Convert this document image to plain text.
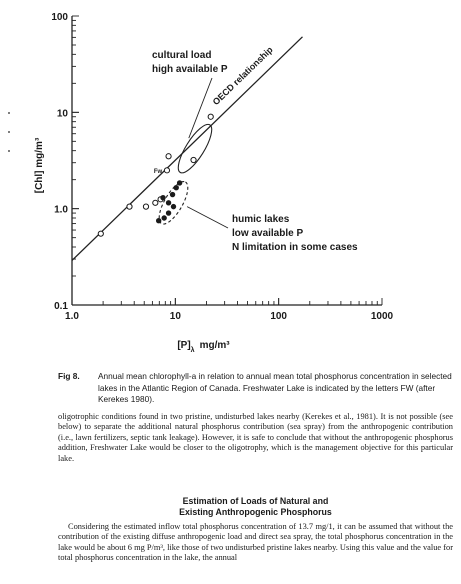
1.0	10	100	1000
100
10
1.0
0.1
[Chl] mg/m³
$[P]_\lambda$ mg/m³
OECD relationship
Fw
cultural load
high available P
humic lakes
low available P
N limitation in some cases
Fig 8. Annual mean chlorophyll-a in relation to annual mean total phosphorus concentration in selected lakes in the Atlantic Region of Canada. Freshwater Lake is indicated by the letters FW (after Kerekes 1980).

oligotrophic conditions found in two pristine, undisturbed lakes nearby (Kerekes et al., 1981). It is not possible (see below) to separate the additional natural phosphorus contribution (sea spray) from the anthropogenic contribution (i.e., lawn fertilizers, septic tank leakage). However, it is safe to conclude that without the anthropogenic phosphorus addition, Freshwater Lake would be closer to the oligotrophy, which is the management objective for this particular lake.

Estimation of Loads of Natural and
Existing Anthropogenic Phosphorus

Considering the estimated inflow total phosphorus concentration of 13.7 mg/1, it can be assumed that without the contribution of the existing diffuse anthropogenic load and direct sea spray, the total phosphorus concentration in the lake would be about 6 mg P/m³, like those of two undisturbed pristine lakes nearby. Using this value and the value for total phosphorus concentration in the lake, the annual
